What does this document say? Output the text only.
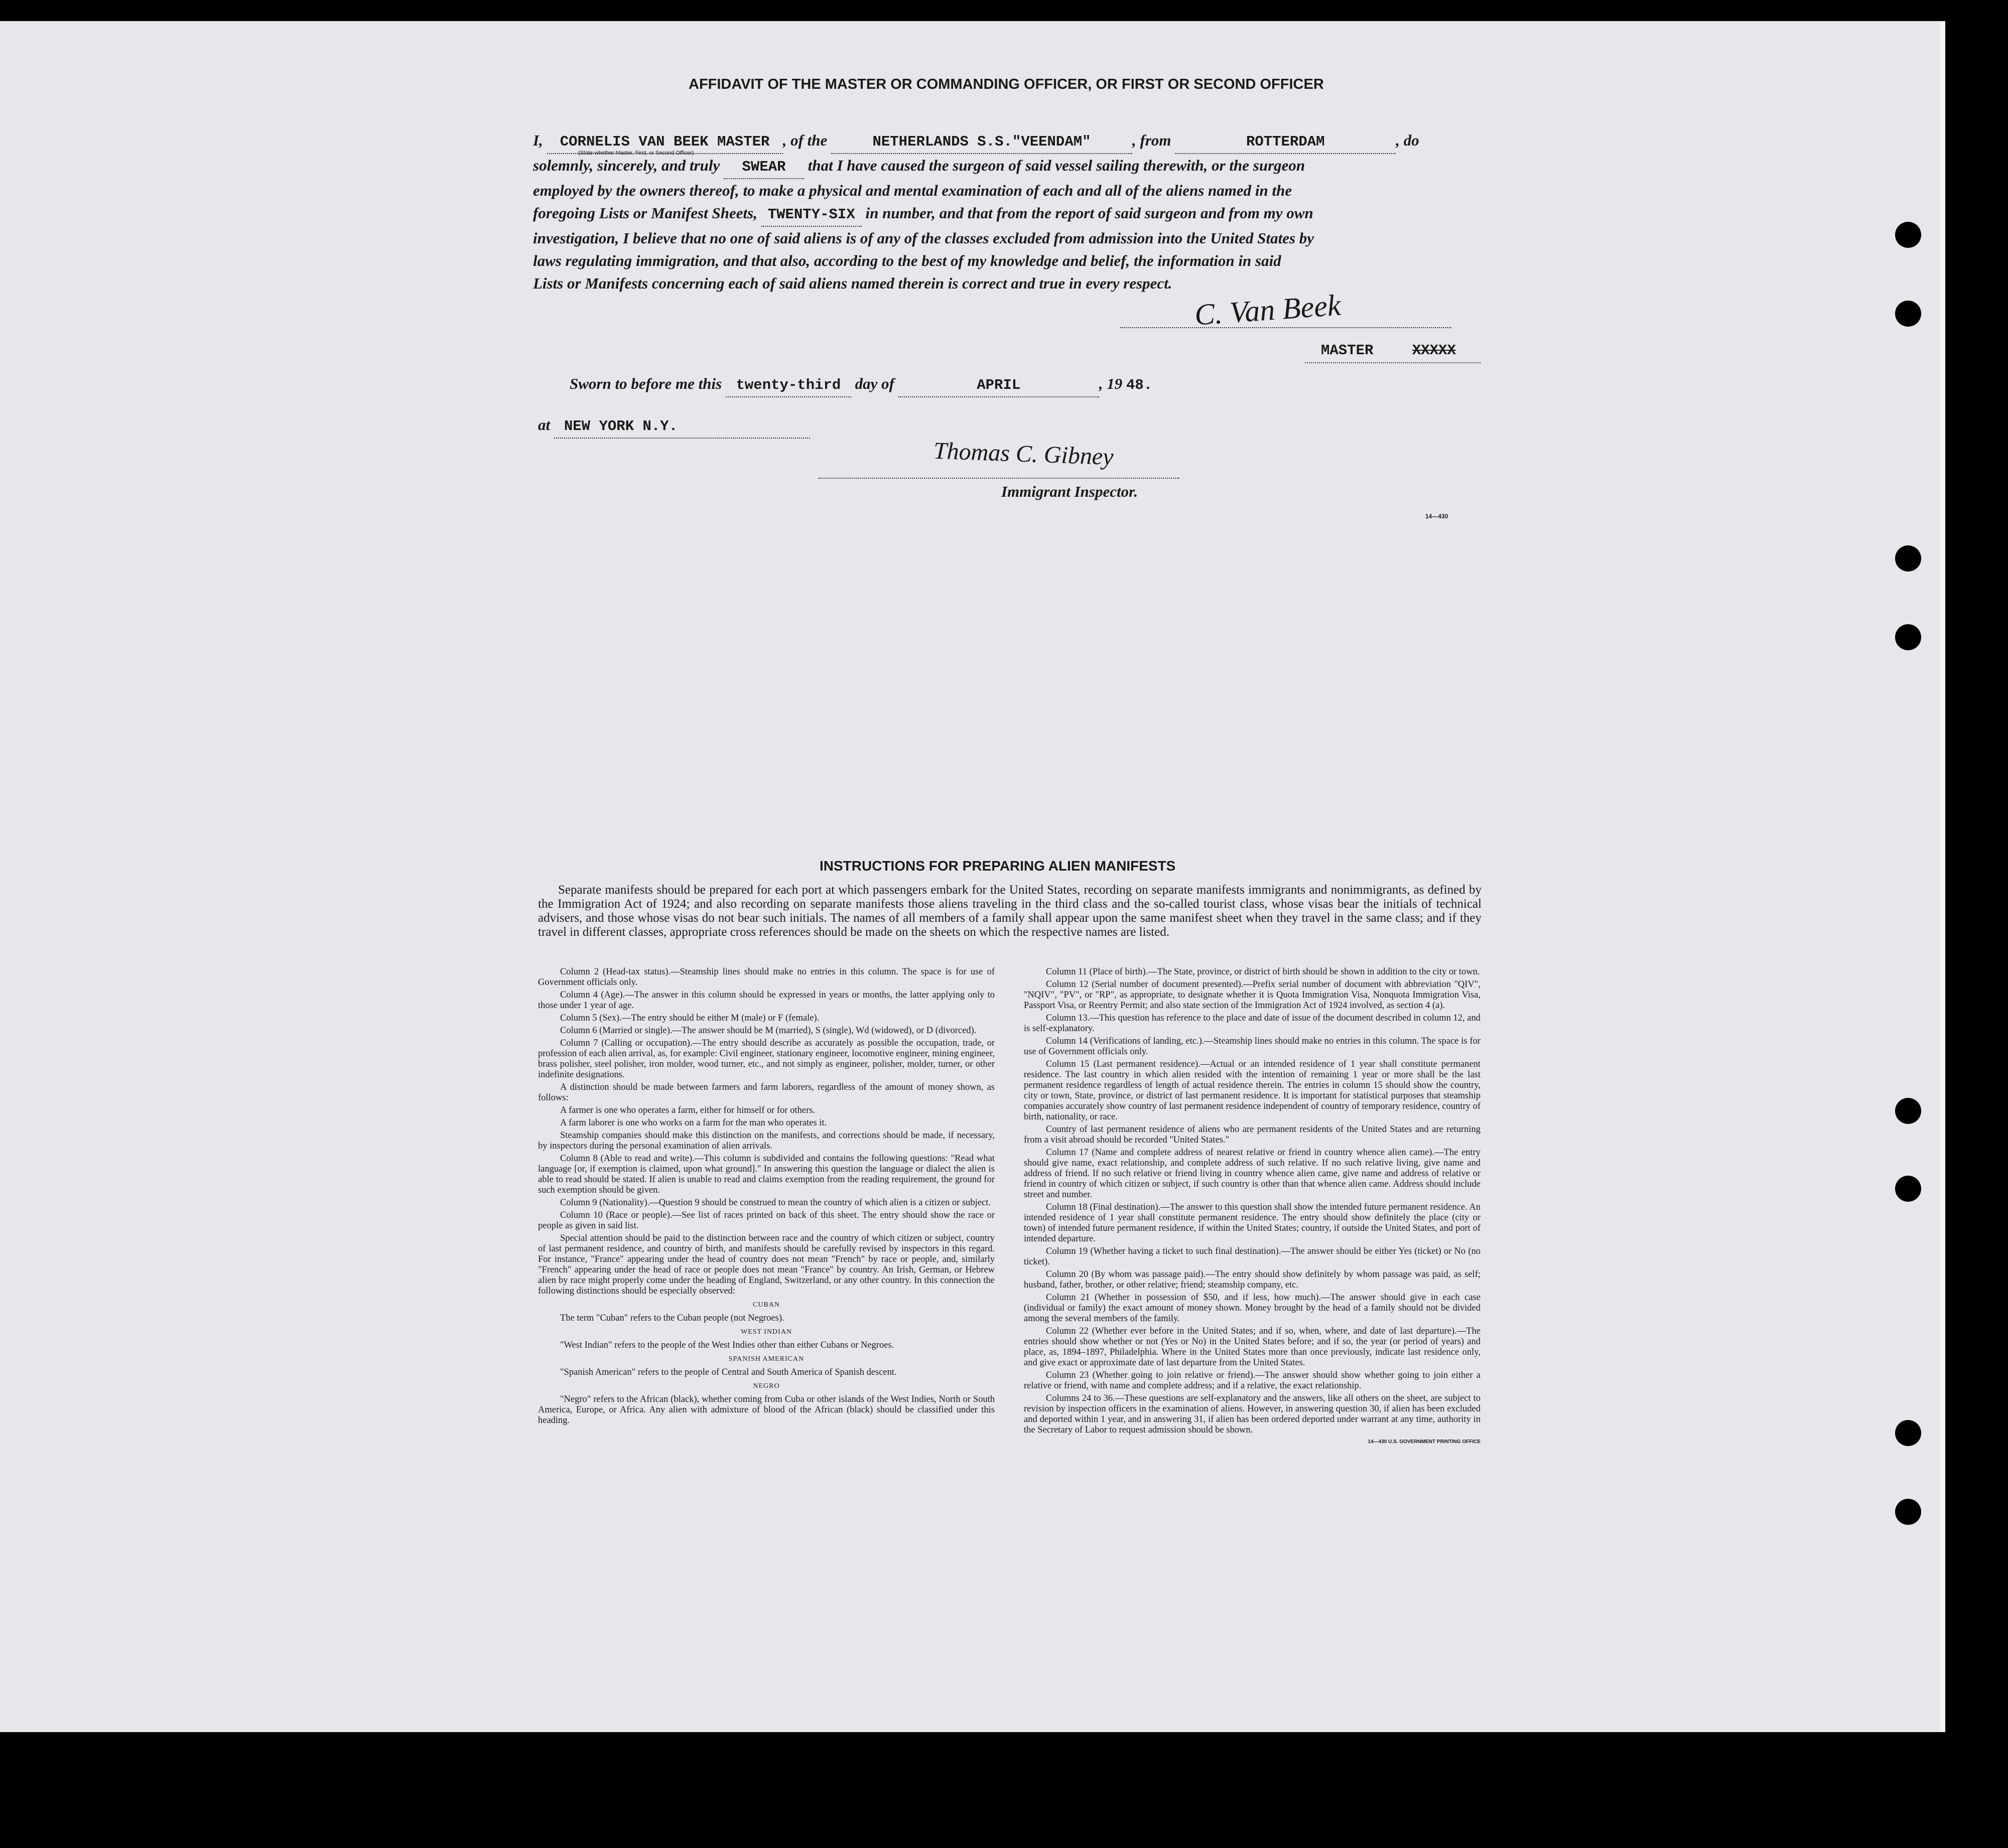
AFFIDAVIT OF THE MASTER OR COMMANDING OFFICER, OR FIRST OR SECOND OFFICER
I, CORNELIS VAN BEEK MASTER , of the	NETHERLANDS S.S."VEENDAM"	, from	ROTTERDAM	, do
(State whether Master, First, or Second Officer)
solemnly, sincerely, and truly SWEAR that I have caused the surgeon of said vessel sailing therewith, or the surgeon
employed by the owners thereof, to make a physical and mental examination of each and all of the aliens named in the
foregoing Lists or Manifest Sheets, TWENTY-SIX in number, and that from the report of said surgeon and from my own
investigation, I believe that no one of said aliens is of any of the classes excluded from admission into the United States by
laws regulating immigration, and that also, according to the best of my knowledge and belief, the information in said
Lists or Manifests concerning each of said aliens named therein is correct and true in every respect.
C. Van Beek
MASTER	XXXXX
Sworn to before me this twenty-third day of	APRIL	, 19 48.
at NEW YORK N.Y.
Thomas C. Gibney
Immigrant Inspector.
14—430
INSTRUCTIONS FOR PREPARING ALIEN MANIFESTS
Separate manifests should be prepared for each port at which passengers embark for the United States, recording on separate manifests immigrants and nonimmigrants, as defined by the Immigration Act of 1924; and also recording on separate manifests those aliens traveling in the third class and the so-called tourist class, whose visas bear the initials of technical advisers, and those whose visas do not bear such initials. The names of all members of a family shall appear upon the same manifest sheet when they travel in the same class; and if they travel in different classes, appropriate cross references should be made on the sheets on which the respective names are listed.

Column 2 (Head-tax status).—Steamship lines should make no entries in this column. The space is for use of Government officials only.

Column 4 (Age).—The answer in this column should be expressed in years or months, the latter applying only to those under 1 year of age.

Column 5 (Sex).—The entry should be either M (male) or F (female).

Column 6 (Married or single).—The answer should be M (married), S (single), Wd (widowed), or D (divorced).

Column 7 (Calling or occupation).—The entry should describe as accurately as possible the occupation, trade, or profession of each alien arrival, as, for example: Civil engineer, stationary engineer, locomotive engineer, mining engineer, brass polisher, steel polisher, iron molder, wood turner, etc., and not simply as engineer, polisher, molder, turner, or other indefinite designations.

A distinction should be made between farmers and farm laborers, regardless of the amount of money shown, as follows:

A farmer is one who operates a farm, either for himself or for others.

A farm laborer is one who works on a farm for the man who operates it.

Steamship companies should make this distinction on the manifests, and corrections should be made, if necessary, by inspectors during the personal examination of alien arrivals.

Column 8 (Able to read and write).—This column is subdivided and contains the following questions: "Read what language [or, if exemption is claimed, upon what ground]." In answering this question the language or dialect the alien is able to read should be stated. If alien is unable to read and claims exemption from the reading requirement, the ground for such exemption should be given.

Column 9 (Nationality).—Question 9 should be construed to mean the country of which alien is a citizen or subject.

Column 10 (Race or people).—See list of races printed on back of this sheet. The entry should show the race or people as given in said list.

Special attention should be paid to the distinction between race and the country of which citizen or subject, country of last permanent residence, and country of birth, and manifests should be carefully revised by inspectors in this regard. For instance, "France" appearing under the head of country does not mean "French" by race or people, and, similarly "French" appearing under the head of race or people does not mean "France" by country. An Irish, German, or Hebrew alien by race might properly come under the heading of England, Switzerland, or any other country. In this connection the following distinctions should be especially observed:

CUBAN

The term "Cuban" refers to the Cuban people (not Negroes).

WEST INDIAN

"West Indian" refers to the people of the West Indies other than either Cubans or Negroes.

SPANISH AMERICAN

"Spanish American" refers to the people of Central and South America of Spanish descent.

NEGRO

"Negro" refers to the African (black), whether coming from Cuba or other islands of the West Indies, North or South America, Europe, or Africa. Any alien with admixture of blood of the African (black) should be classified under this heading.

Column 11 (Place of birth).—The State, province, or district of birth should be shown in addition to the city or town.

Column 12 (Serial number of document presented).—Prefix serial number of document with abbreviation "QIV", "NQIV", "PV", or "RP", as appropriate, to designate whether it is Quota Immigration Visa, Nonquota Immigration Visa, Passport Visa, or Reentry Permit; and also state section of the Immigration Act of 1924 involved, as section 4 (a).

Column 13.—This question has reference to the place and date of issue of the document described in column 12, and is self-explanatory.

Column 14 (Verifications of landing, etc.).—Steamship lines should make no entries in this column. The space is for use of Government officials only.

Column 15 (Last permanent residence).—Actual or an intended residence of 1 year shall constitute permanent residence. The last country in which alien resided with the intention of remaining 1 year or more shall be the last permanent residence regardless of length of actual residence therein. The entries in column 15 should show the country, city or town, State, province, or district of last permanent residence. It is important for statistical purposes that steamship companies accurately show country of last permanent residence independent of country of temporary residence, country of birth, nationality, or race.

Country of last permanent residence of aliens who are permanent residents of the United States and are returning from a visit abroad should be recorded "United States."

Column 17 (Name and complete address of nearest relative or friend in country whence alien came).—The entry should give name, exact relationship, and complete address of such relative. If no such relative living, give name and address of friend. If no such relative or friend living in country whence alien came, give name and address of relative or friend in country of which citizen or subject, if such country is other than that whence alien came. Address should include street and number.

Column 18 (Final destination).—The answer to this question shall show the intended future permanent residence. An intended residence of 1 year shall constitute permanent residence. The entry should show definitely the place (city or town) of intended future permanent residence, if within the United States; country, if outside the United States, and port of intended departure.

Column 19 (Whether having a ticket to such final destination).—The answer should be either Yes (ticket) or No (no ticket).

Column 20 (By whom was passage paid).—The entry should show definitely by whom passage was paid, as self; husband, father, brother, or other relative; friend; steamship company, etc.

Column 21 (Whether in possession of $50, and if less, how much).—The answer should give in each case (individual or family) the exact amount of money shown. Money brought by the head of a family should not be divided among the several members of the family.

Column 22 (Whether ever before in the United States; and if so, when, where, and date of last departure).—The entries should show whether or not (Yes or No) in the United States before; and if so, the year (or period of years) and place, as, 1894–1897, Philadelphia. Where in the United States more than once previously, indicate last residence only, and give exact or approximate date of last departure from the United States.

Column 23 (Whether going to join relative or friend).—The answer should show whether going to join either a relative or friend, with name and complete address; and if a relative, the exact relationship.

Columns 24 to 36.—These questions are self-explanatory and the answers, like all others on the sheet, are subject to revision by inspection officers in the examination of aliens. However, in answering question 30, if alien has been excluded and deported within 1 year, and in answering 31, if alien has been ordered deported under warrant at any time, authority in the Secretary of Labor to request admission should be shown.

14—430 U.S. GOVERNMENT PRINTING OFFICE
